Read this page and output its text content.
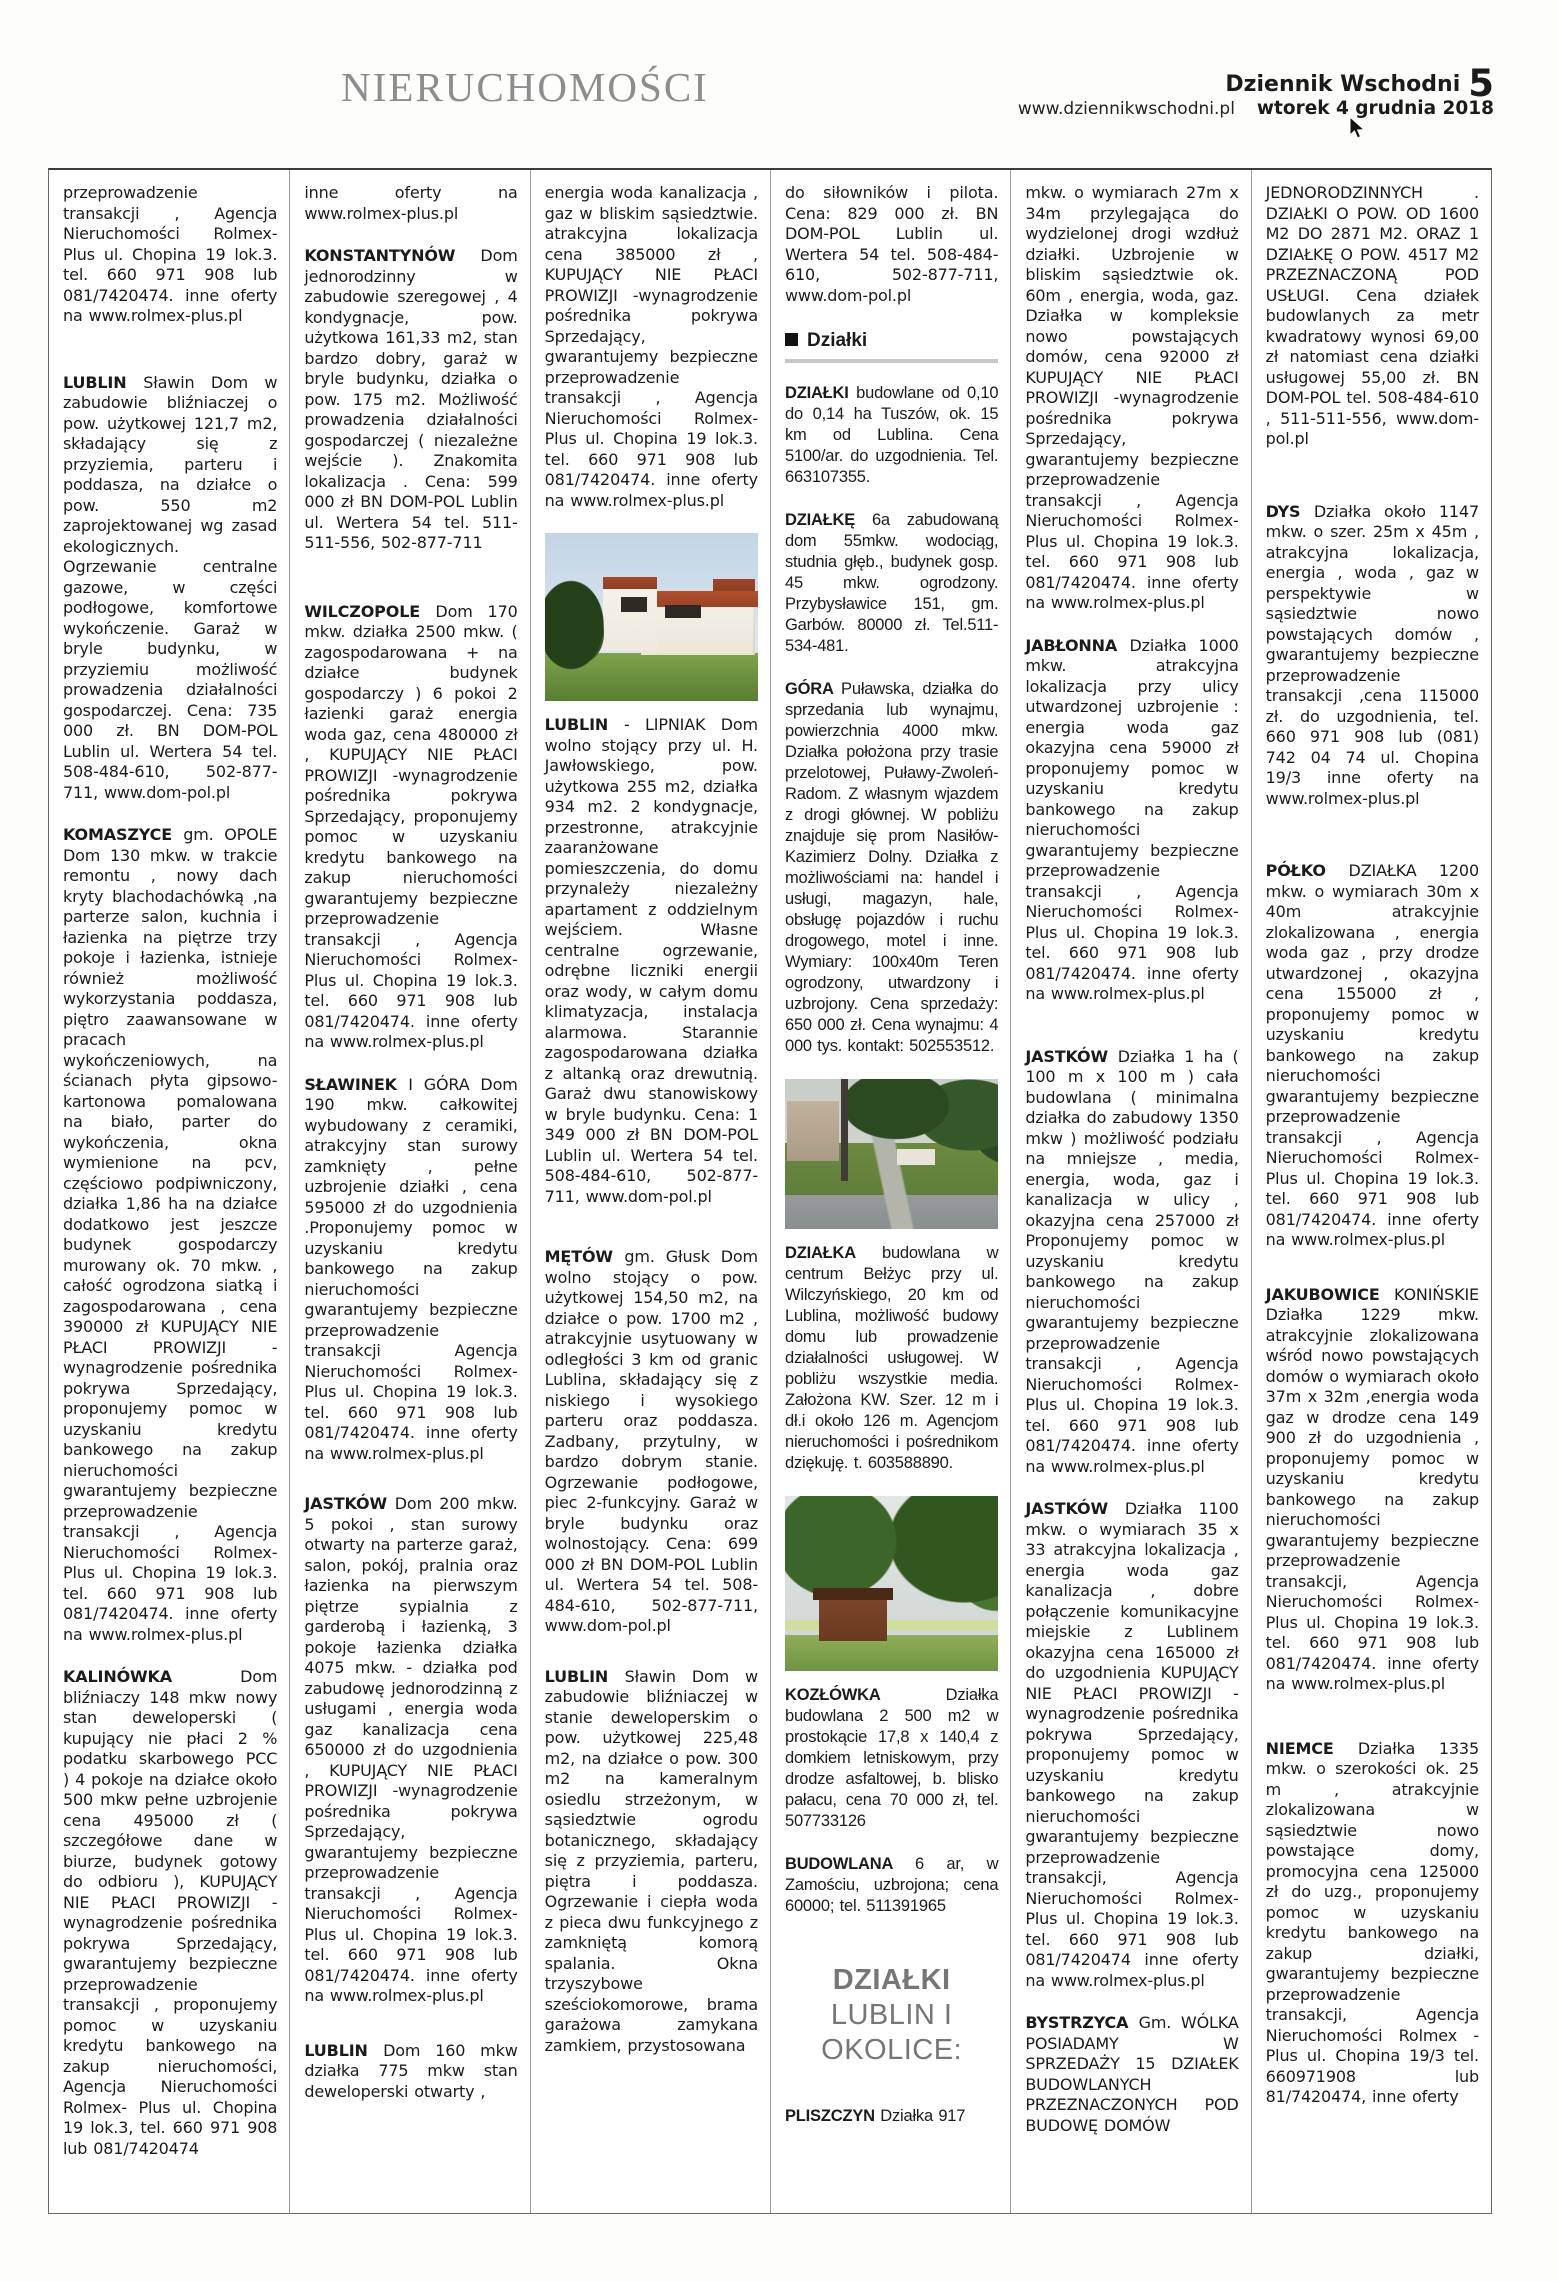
NIERUCHOMOŚCI	Dziennik Wschodni 5
www.dziennikwschodni.pl wtorek 4 grudnia 2018

przeprowadzenie transakcji , Agencja Nieruchomości Rolmex-Plus ul. Chopina 19 lok.3. tel. 660 971 908 lub 081/7420474. inne oferty na www.rolmex-plus.pl

LUBLIN Sławin Dom w zabudowie bliźniaczej o pow. użytkowej 121,7 m2, składający się z przyziemia, parteru i poddasza, na działce o pow. 550 m2 zaprojektowanej wg zasad ekologicznych. Ogrzewanie centralne gazowe, w części podłogowe, komfortowe wykończenie. Garaż w bryle budynku, w przyziemiu możliwość prowadzenia działalności gospodarczej. Cena: 735 000 zł. BN DOM-POL Lublin ul. Wertera 54 tel. 508-484-610, 502-877-711, www.dom-pol.pl

KOMASZYCE gm. OPOLE Dom 130 mkw. w trakcie remontu , nowy dach kryty blachodachówką ,na parterze salon, kuchnia i łazienka na piętrze trzy pokoje i łazienka, istnieje również możliwość wykorzystania poddasza, piętro zaawansowane w pracach wykończeniowych, na ścianach płyta gipsowo-kartonowa pomalowana na biało, parter do wykończenia, okna wymienione na pcv, częściowo podpiwniczony, działka 1,86 ha na działce dodatkowo jest jeszcze budynek gospodarczy murowany ok. 70 mkw. , całość ogrodzona siatką i zagospodarowana , cena 390000 zł KUPUJĄCY NIE PŁACI PROWIZJI -wynagrodzenie pośrednika pokrywa Sprzedający, proponujemy pomoc w uzyskaniu kredytu bankowego na zakup nieruchomości gwarantujemy bezpieczne przeprowadzenie transakcji , Agencja Nieruchomości Rolmex-Plus ul. Chopina 19 lok.3. tel. 660 971 908 lub 081/7420474. inne oferty na www.rolmex-plus.pl

KALINÓWKA Dom bliźniaczy 148 mkw nowy stan deweloperski ( kupujący nie płaci 2 % podatku skarbowego PCC ) 4 pokoje na działce około 500 mkw pełne uzbrojenie cena 495000 zł ( szczegółowe dane w biurze, budynek gotowy do odbioru ), KUPUJĄCY NIE PŁACI PROWIZJI - wynagrodzenie pośrednika pokrywa Sprzedający, gwarantujemy bezpieczne przeprowadzenie transakcji , proponujemy pomoc w uzyskaniu kredytu bankowego na zakup nieruchomości, Agencja Nieruchomości Rolmex- Plus ul. Chopina 19 lok.3, tel. 660 971 908 lub 081/7420474

inne oferty na www.rolmex-plus.pl

KONSTANTYNÓW Dom jednorodzinny w zabudowie szeregowej , 4 kondygnacje, pow. użytkowa 161,33 m2, stan bardzo dobry, garaż w bryle budynku, działka o pow. 175 m2. Możliwość prowadzenia działalności gospodarczej ( niezależne wejście ). Znakomita lokalizacja . Cena: 599 000 zł BN DOM-POL Lublin ul. Wertera 54 tel. 511-511-556, 502-877-711

WILCZOPOLE Dom 170 mkw. działka 2500 mkw. ( zagospodarowana + na działce budynek gospodarczy ) 6 pokoi 2 łazienki garaż energia woda gaz, cena 480000 zł , KUPUJĄCY NIE PŁACI PROWIZJI -wynagrodzenie pośrednika pokrywa Sprzedający, proponujemy pomoc w uzyskaniu kredytu bankowego na zakup nieruchomości gwarantujemy bezpieczne przeprowadzenie transakcji , Agencja Nieruchomości Rolmex-Plus ul. Chopina 19 lok.3. tel. 660 971 908 lub 081/7420474. inne oferty na www.rolmex-plus.pl

SŁAWINEK I GÓRA Dom 190 mkw. całkowitej wybudowany z ceramiki, atrakcyjny stan surowy zamknięty , pełne uzbrojenie działki , cena 595000 zł do uzgodnienia .Proponujemy pomoc w uzyskaniu kredytu bankowego na zakup nieruchomości gwarantujemy bezpieczne przeprowadzenie transakcji Agencja Nieruchomości Rolmex-Plus ul. Chopina 19 lok.3. tel. 660 971 908 lub 081/7420474. inne oferty na www.rolmex-plus.pl

JASTKÓW Dom 200 mkw. 5 pokoi , stan surowy otwarty na parterze garaż, salon, pokój, pralnia oraz łazienka na pierwszym piętrze sypialnia z garderobą i łazienką, 3 pokoje łazienka działka 4075 mkw. - działka pod zabudowę jednorodzinną z usługami , energia woda gaz kanalizacja cena 650000 zł do uzgodnienia , KUPUJĄCY NIE PŁACI PROWIZJI -wynagrodzenie pośrednika pokrywa Sprzedający, gwarantujemy bezpieczne przeprowadzenie transakcji , Agencja Nieruchomości Rolmex-Plus ul. Chopina 19 lok.3. tel. 660 971 908 lub 081/7420474. inne oferty na www.rolmex-plus.pl

LUBLIN Dom 160 mkw działka 775 mkw stan deweloperski otwarty ,

energia woda kanalizacja , gaz w bliskim sąsiedztwie. atrakcyjna lokalizacja cena 385000 zł , KUPUJĄCY NIE PŁACI PROWIZJI -wynagrodzenie pośrednika pokrywa Sprzedający, gwarantujemy bezpieczne przeprowadzenie transakcji , Agencja Nieruchomości Rolmex-Plus ul. Chopina 19 lok.3. tel. 660 971 908 lub 081/7420474. inne oferty na www.rolmex-plus.pl

LUBLIN - LIPNIAK Dom wolno stojący przy ul. H. Jawłowskiego, pow. użytkowa 255 m2, działka 934 m2. 2 kondygnacje, przestronne, atrakcyjnie zaaranżowane pomieszczenia, do domu przynależy niezależny apartament z oddzielnym wejściem. Własne centralne ogrzewanie, odrębne liczniki energii oraz wody, w całym domu klimatyzacja, instalacja alarmowa. Starannie zagospodarowana działka z altanką oraz drewutnią. Garaż dwu stanowiskowy w bryle budynku. Cena: 1 349 000 zł BN DOM-POL Lublin ul. Wertera 54 tel. 508-484-610, 502-877-711, www.dom-pol.pl

MĘTÓW gm. Głusk Dom wolno stojący o pow. użytkowej 154,50 m2, na działce o pow. 1700 m2 , atrakcyjnie usytuowany w odległości 3 km od granic Lublina, składający się z niskiego i wysokiego parteru oraz poddasza. Zadbany, przytulny, w bardzo dobrym stanie. Ogrzewanie podłogowe, piec 2-funkcyjny. Garaż w bryle budynku oraz wolnostojący. Cena: 699 000 zł BN DOM-POL Lublin ul. Wertera 54 tel. 508-484-610, 502-877-711, www.dom-pol.pl

LUBLIN Sławin Dom w zabudowie bliźniaczej w stanie deweloperskim o pow. użytkowej 225,48 m2, na działce o pow. 300 m2 na kameralnym osiedlu strzeżonym, w sąsiedztwie ogrodu botanicznego, składający się z przyziemia, parteru, piętra i poddasza. Ogrzewanie i ciepła woda z pieca dwu funkcyjnego z zamkniętą komorą spalania. Okna trzyszybowe sześciokomorowe, brama garażowa zamykana zamkiem, przystosowana

do siłowników i pilota. Cena: 829 000 zł. BN DOM-POL Lublin ul. Wertera 54 tel. 508-484-610, 502-877-711, www.dom-pol.pl

Działki

DZIAŁKI budowlane od 0,10 do 0,14 ha Tuszów, ok. 15 km od Lublina. Cena 5100/ar. do uzgodnienia. Tel. 663107355.

DZIAŁKĘ 6a zabudowaną dom 55mkw. wodociąg, studnia głęb., budynek gosp. 45 mkw. ogrodzony. Przybysławice 151, gm. Garbów. 80000 zł. Tel.511-534-481.

GÓRA Puławska, działka do sprzedania lub wynajmu, powierzchnia 4000 mkw. Działka położona przy trasie przelotowej, Puławy-Zwoleń-Radom. Z własnym wjazdem z drogi głównej. W pobliżu znajduje się prom Nasiłów-Kazimierz Dolny. Działka z możliwościami na: handel i usługi, magazyn, hale, obsługę pojazdów i ruchu drogowego, motel i inne. Wymiary: 100x40m Teren ogrodzony, utwardzony i uzbrojony. Cena sprzedaży: 650 000 zł. Cena wynajmu: 4 000 tys. kontakt: 502553512.

DZIAŁKA budowlana w centrum Bełżyc przy ul. Wilczyńskiego, 20 km od Lublina, możliwość budowy domu lub prowadzenie działalności usługowej. W pobliżu wszystkie media. Założona KW. Szer. 12 m i dł.i około 126 m. Agencjom nieruchomości i pośrednikom dziękuję. t. 603588890.

KOZŁÓWKA Działka budowlana 2 500 m2 w prostokącie 17,8 x 140,4 z domkiem letniskowym, przy drodze asfaltowej, b. blisko pałacu, cena 70 000 zł, tel. 507733126

BUDOWLANA 6 ar, w Zamościu, uzbrojona; cena 60000; tel. 511391965

DZIAŁKI LUBLIN I OKOLICE:

PLISZCZYN Działka 917

mkw. o wymiarach 27m x 34m przylegająca do wydzielonej drogi wzdłuż działki. Uzbrojenie w bliskim sąsiedztwie ok. 60m , energia, woda, gaz. Działka w kompleksie nowo powstających domów, cena 92000 zł KUPUJĄCY NIE PŁACI PROWIZJI -wynagrodzenie pośrednika pokrywa Sprzedający, gwarantujemy bezpieczne przeprowadzenie transakcji , Agencja Nieruchomości Rolmex-Plus ul. Chopina 19 lok.3. tel. 660 971 908 lub 081/7420474. inne oferty na www.rolmex-plus.pl

JABŁONNA Działka 1000 mkw. atrakcyjna lokalizacja przy ulicy utwardzonej uzbrojenie : energia woda gaz okazyjna cena 59000 zł proponujemy pomoc w uzyskaniu kredytu bankowego na zakup nieruchomości gwarantujemy bezpieczne przeprowadzenie transakcji , Agencja Nieruchomości Rolmex-Plus ul. Chopina 19 lok.3. tel. 660 971 908 lub 081/7420474. inne oferty na www.rolmex-plus.pl

JASTKÓW Działka 1 ha ( 100 m x 100 m ) cała budowlana ( minimalna działka do zabudowy 1350 mkw ) możliwość podziału na mniejsze , media, energia, woda, gaz i kanalizacja w ulicy , okazyjna cena 257000 zł Proponujemy pomoc w uzyskaniu kredytu bankowego na zakup nieruchomości gwarantujemy bezpieczne przeprowadzenie transakcji , Agencja Nieruchomości Rolmex-Plus ul. Chopina 19 lok.3. tel. 660 971 908 lub 081/7420474. inne oferty na www.rolmex-plus.pl

JASTKÓW Działka 1100 mkw. o wymiarach 35 x 33 atrakcyjna lokalizacja , energia woda gaz kanalizacja , dobre połączenie komunikacyjne miejskie z Lublinem okazyjna cena 165000 zł do uzgodnienia KUPUJĄCY NIE PŁACI PROWIZJI -wynagrodzenie pośrednika pokrywa Sprzedający, proponujemy pomoc w uzyskaniu kredytu bankowego na zakup nieruchomości gwarantujemy bezpieczne przeprowadzenie transakcji, Agencja Nieruchomości Rolmex-Plus ul. Chopina 19 lok.3. tel. 660 971 908 lub 081/7420474 inne oferty na www.rolmex-plus.pl

BYSTRZYCA Gm. WÓLKA POSIADAMY W SPRZEDAŻY 15 DZIAŁEK BUDOWLANYCH PRZEZNACZONYCH POD BUDOWĘ DOMÓW

JEDNORODZINNYCH . DZIAŁKI O POW. OD 1600 M2 DO 2871 M2. ORAZ 1 DZIAŁKĘ O POW. 4517 M2 PRZEZNACZONĄ POD USŁUGI. Cena działek budowlanych za metr kwadratowy wynosi 69,00 zł natomiast cena działki usługowej 55,00 zł. BN DOM-POL tel. 508-484-610 , 511-511-556, www.dom-pol.pl

DYS Działka około 1147 mkw. o szer. 25m x 45m , atrakcyjna lokalizacja, energia , woda , gaz w perspektywie w sąsiedztwie nowo powstających domów , gwarantujemy bezpieczne przeprowadzenie transakcji ,cena 115000 zł. do uzgodnienia, tel. 660 971 908 lub (081) 742 04 74 ul. Chopina 19/3 inne oferty na www.rolmex-plus.pl

PÓŁKO DZIAŁKA 1200 mkw. o wymiarach 30m x 40m atrakcyjnie zlokalizowana , energia woda gaz , przy drodze utwardzonej , okazyjna cena 155000 zł , proponujemy pomoc w uzyskaniu kredytu bankowego na zakup nieruchomości gwarantujemy bezpieczne przeprowadzenie transakcji , Agencja Nieruchomości Rolmex-Plus ul. Chopina 19 lok.3. tel. 660 971 908 lub 081/7420474. inne oferty na www.rolmex-plus.pl

JAKUBOWICE KONIŃSKIE Działka 1229 mkw. atrakcyjnie zlokalizowana wśród nowo powstających domów o wymiarach około 37m x 32m ,energia woda gaz w drodze cena 149 900 zł do uzgodnienia , proponujemy pomoc w uzyskaniu kredytu bankowego na zakup nieruchomości gwarantujemy bezpieczne przeprowadzenie transakcji, Agencja Nieruchomości Rolmex-Plus ul. Chopina 19 lok.3. tel. 660 971 908 lub 081/7420474. inne oferty na www.rolmex-plus.pl

NIEMCE Działka 1335 mkw. o szerokości ok. 25 m , atrakcyjnie zlokalizowana w sąsiedztwie nowo powstające domy, promocyjna cena 125000 zł do uzg., proponujemy pomoc w uzyskaniu kredytu bankowego na zakup działki, gwarantujemy bezpieczne przeprowadzenie transakcji, Agencja Nieruchomości Rolmex - Plus ul. Chopina 19/3 tel. 660971908 lub 81/7420474, inne oferty
